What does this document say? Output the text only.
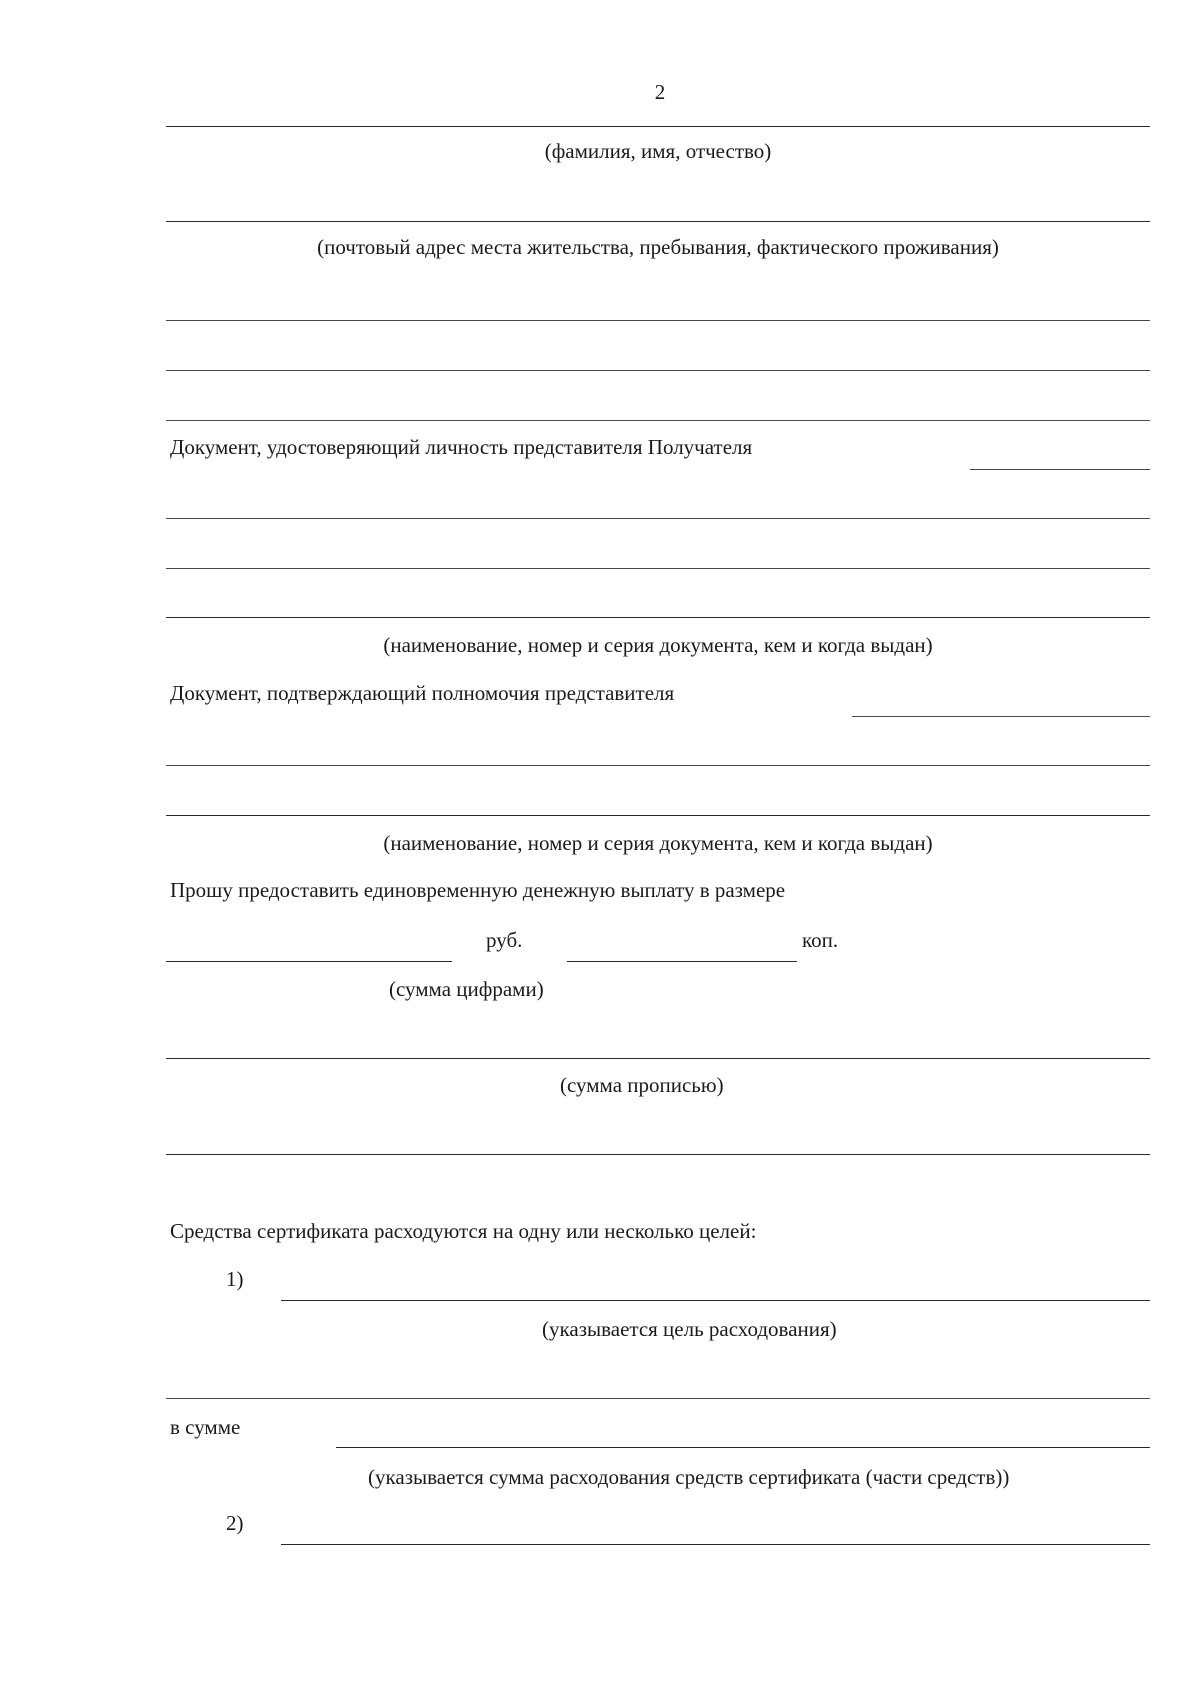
2
(фамилия, имя, отчество)
(почтовый адрес места жительства, пребывания, фактического проживания)
Документ, удостоверяющий личность представителя Получателя
(наименование, номер и серия документа, кем и когда выдан)
Документ, подтверждающий полномочия представителя
(наименование, номер и серия документа, кем и когда выдан)
Прошу предоставить единовременную денежную выплату в размере
руб.	коп.
(сумма цифрами)
(сумма прописью)
Средства сертификата расходуются на одну или несколько целей:
1)
(указывается цель расходования)
в сумме
(указывается сумма расходования средств сертификата (части средств))
2)
